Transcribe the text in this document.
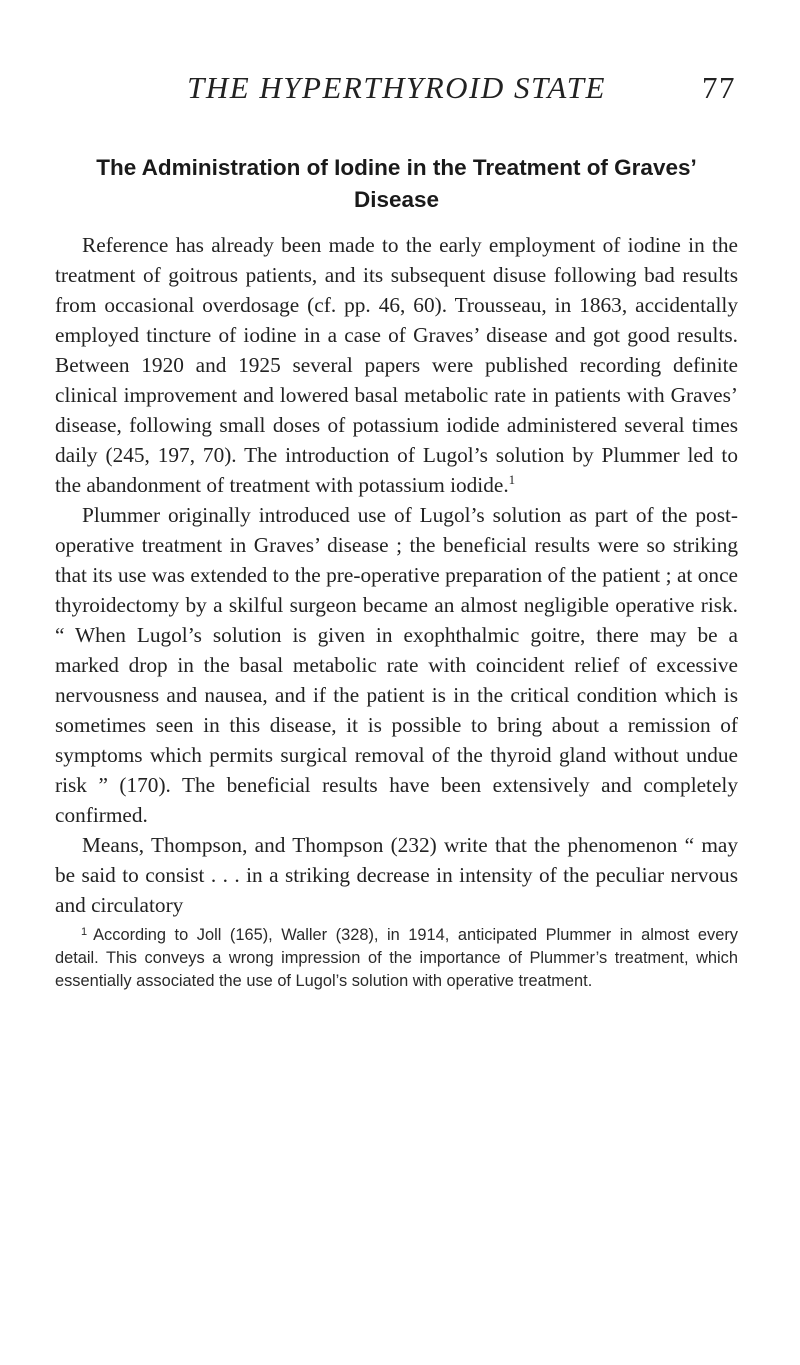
THE HYPERTHYROID STATE	77
The Administration of Iodine in the Treatment of Graves’ Disease

Reference has already been made to the early employment of iodine in the treatment of goitrous patients, and its subsequent disuse following bad results from occasional overdosage (cf. pp. 46, 60). Trousseau, in 1863, accidentally employed tincture of iodine in a case of Graves’ disease and got good results. Between 1920 and 1925 several papers were published recording definite clinical improvement and lowered basal metabolic rate in patients with Graves’ disease, following small doses of potassium iodide administered several times daily (245, 197, 70). The introduction of Lugol’s solution by Plummer led to the abandonment of treatment with potassium iodide.$^1$

Plummer originally introduced use of Lugol’s solution as part of the post-operative treatment in Graves’ disease ; the beneficial results were so striking that its use was extended to the pre-operative preparation of the patient ; at once thyroidectomy by a skilful surgeon became an almost negligible operative risk. “ When Lugol’s solution is given in exophthalmic goitre, there may be a marked drop in the basal metabolic rate with coincident relief of excessive nervousness and nausea, and if the patient is in the critical condition which is sometimes seen in this disease, it is possible to bring about a remission of symptoms which permits surgical removal of the thyroid gland without undue risk ” (170). The beneficial results have been extensively and completely confirmed.

Means, Thompson, and Thompson (232) write that the phenomenon “ may be said to consist . . . in a striking decrease in intensity of the peculiar nervous and circulatory

$^1$ According to Joll (165), Waller (328), in 1914, anticipated Plummer in almost every detail. This conveys a wrong impression of the importance of Plummer’s treatment, which essentially associated the use of Lugol’s solution with operative treatment.
